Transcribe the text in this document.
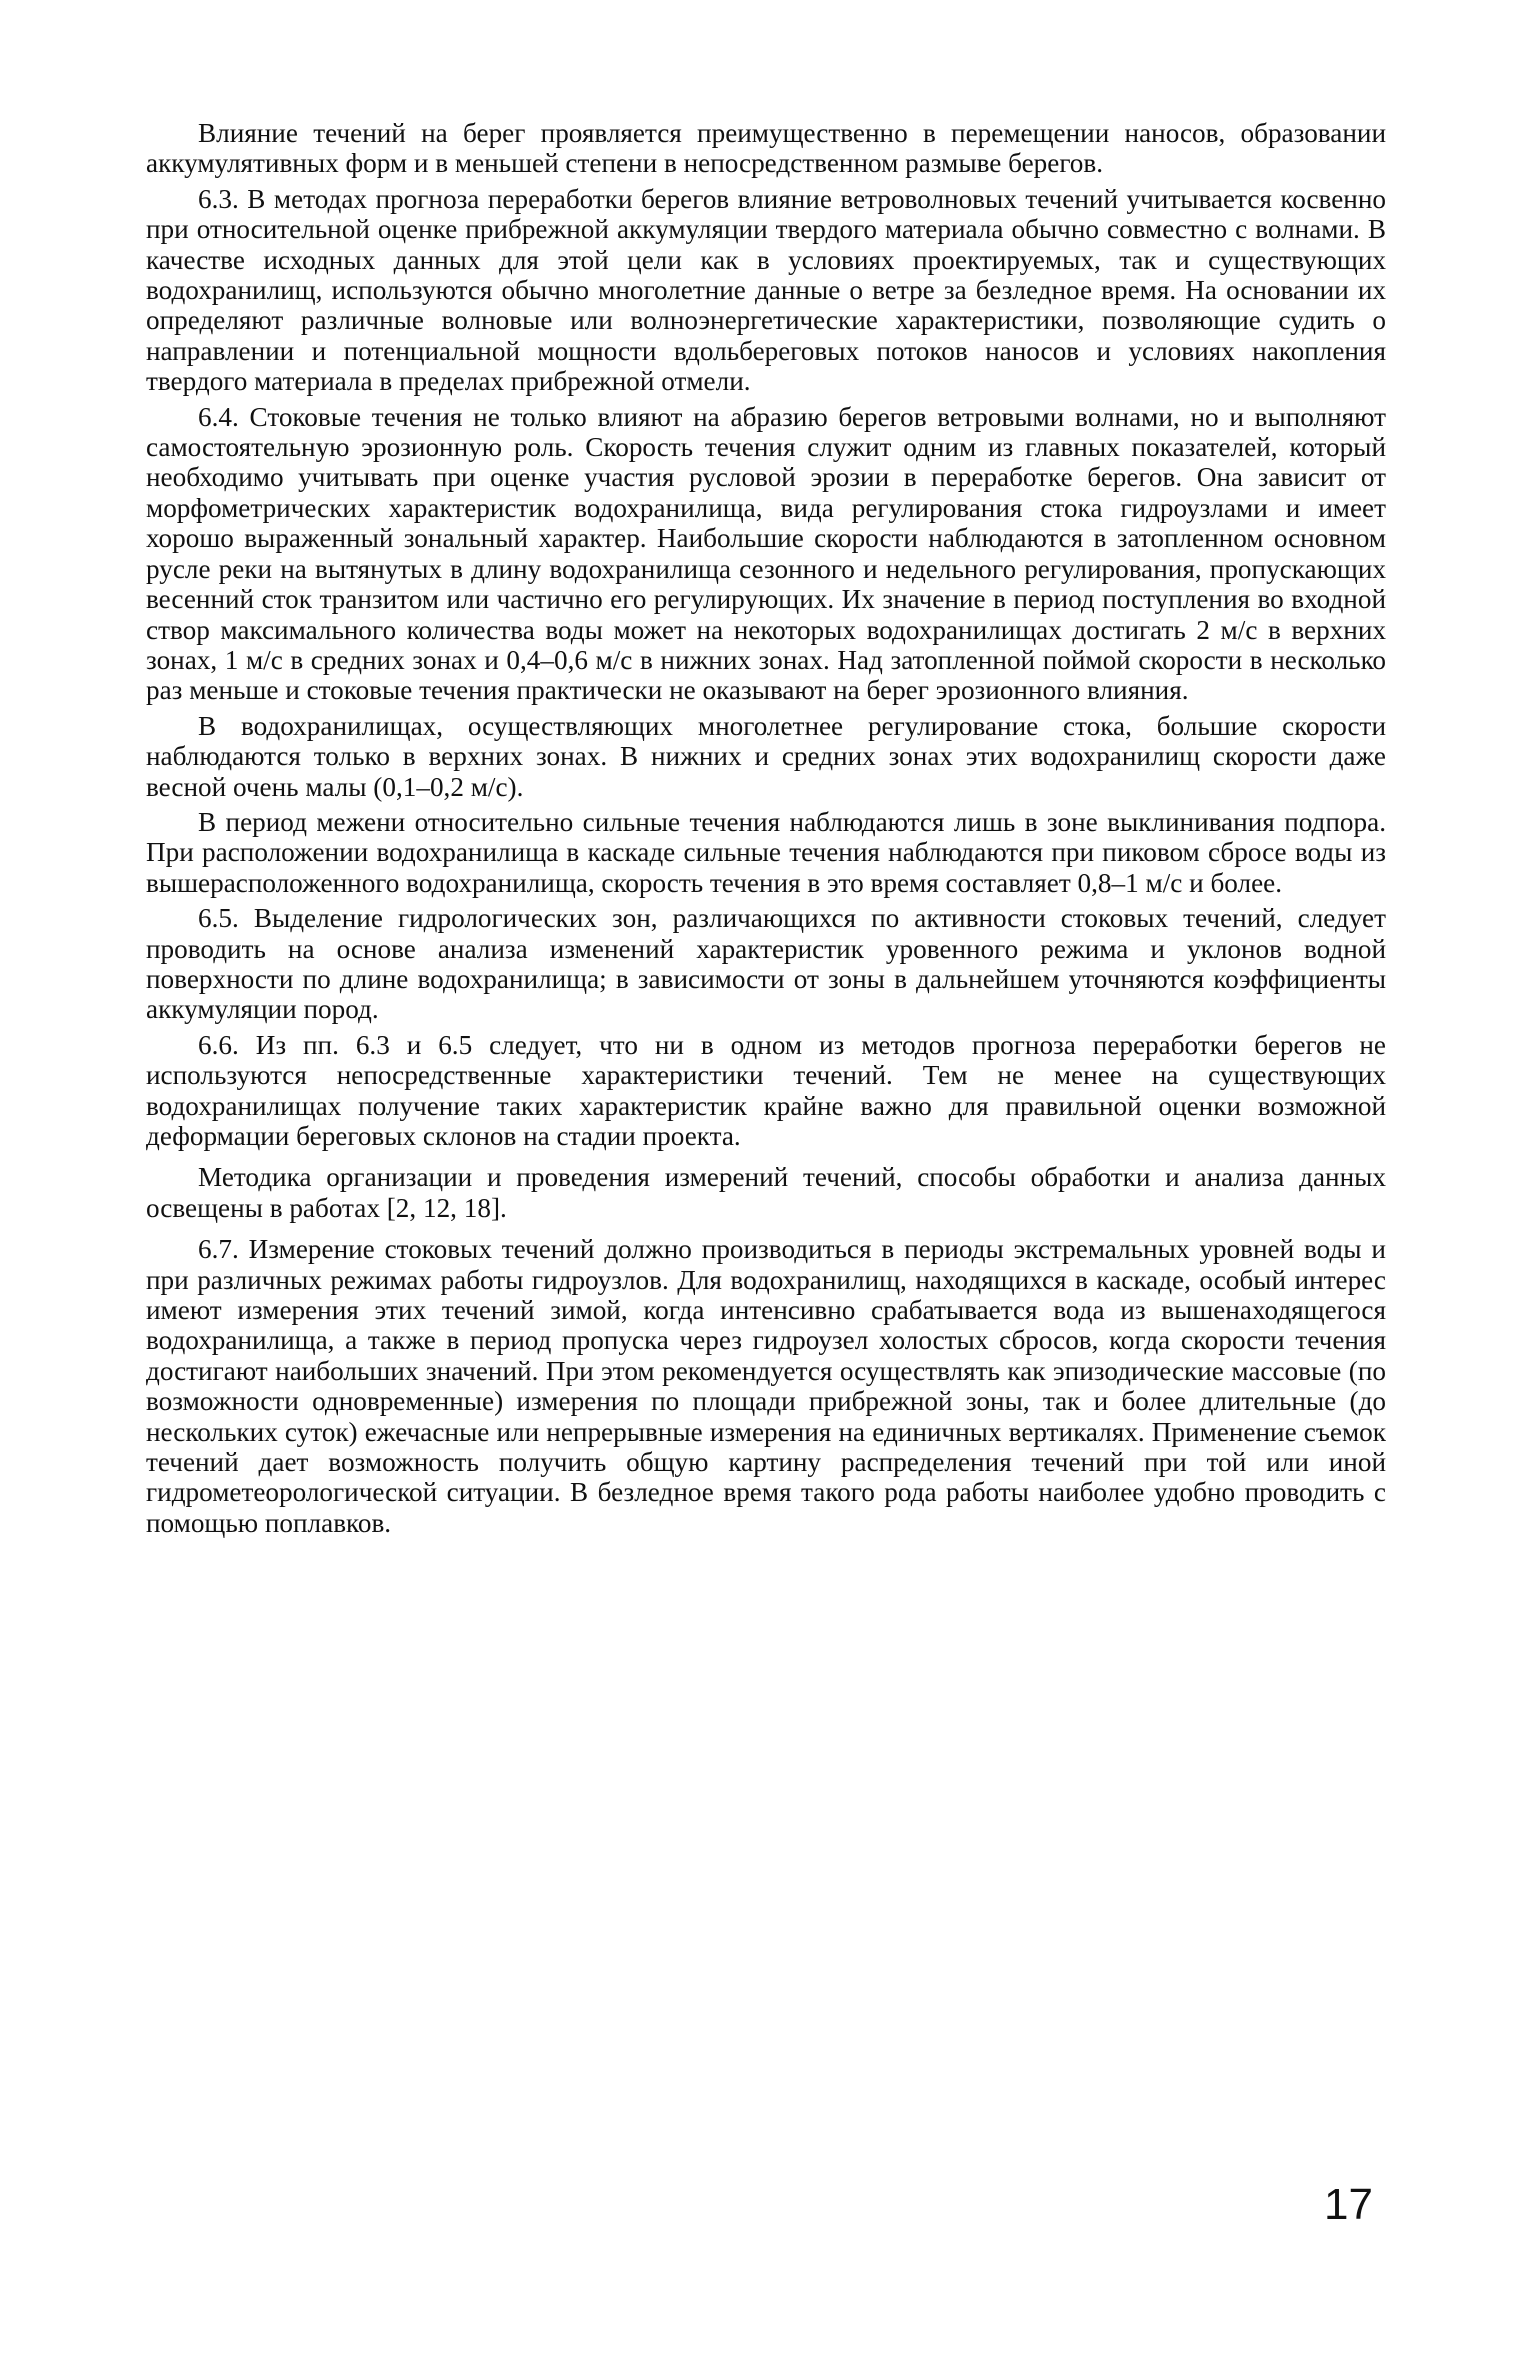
Влияние течений на берег проявляется преимущественно в перемещении наносов, образовании аккумулятивных форм и в меньшей степени в непосредственном размыве берегов.

6.3. В методах прогноза переработки берегов влияние ветроволновых течений учитывается косвенно при относительной оценке прибрежной аккумуляции твердого материала обычно совместно с волнами. В качестве исходных данных для этой цели как в условиях проектируемых, так и существующих водохранилищ, используются обычно многолетние данные о ветре за безледное время. На основании их определяют различные волновые или волноэнергетические характеристики, позволяющие судить о направлении и потенциальной мощности вдольбереговых потоков наносов и условиях накопления твердого материала в пределах прибрежной отмели.

6.4. Стоковые течения не только влияют на абразию берегов ветровыми волнами, но и выполняют самостоятельную эрозионную роль. Скорость течения служит одним из главных показателей, который необходимо учитывать при оценке участия русловой эрозии в переработке берегов. Она зависит от морфометрических характеристик водохранилища, вида регулирования стока гидроузлами и имеет хорошо выраженный зональный характер. Наибольшие скорости наблюдаются в затопленном основном русле реки на вытянутых в длину водохранилища сезонного и недельного регулирования, пропускающих весенний сток транзитом или частично его регулирующих. Их значение в период поступления во входной створ максимального количества воды может на некоторых водохранилищах достигать 2 м/с в верхних зонах, 1 м/с в средних зонах и 0,4–0,6 м/с в нижних зонах. Над затопленной поймой скорости в несколько раз меньше и стоковые течения практически не оказывают на берег эрозионного влияния.

В водохранилищах, осуществляющих многолетнее регулирование стока, большие скорости наблюдаются только в верхних зонах. В нижних и средних зонах этих водохранилищ скорости даже весной очень малы (0,1–0,2 м/с).

В период межени относительно сильные течения наблюдаются лишь в зоне выклинивания подпора. При расположении водохранилища в каскаде сильные течения наблюдаются при пиковом сбросе воды из вышерасположенного водохранилища, скорость течения в это время составляет 0,8–1 м/с и более.

6.5. Выделение гидрологических зон, различающихся по активности стоковых течений, следует проводить на основе анализа изменений характеристик уровенного режима и уклонов водной поверхности по длине водохранилища; в зависимости от зоны в дальнейшем уточняются коэффициенты аккумуляции пород.

6.6. Из пп. 6.3 и 6.5 следует, что ни в одном из методов прогноза переработки берегов не используются непосредственные характеристики течений. Тем не менее на существующих водохранилищах получение таких характеристик крайне важно для правильной оценки возможной деформации береговых склонов на стадии проекта.

Методика организации и проведения измерений течений, способы обработки и анализа данных освещены в работах [2, 12, 18].

6.7. Измерение стоковых течений должно производиться в периоды экстремальных уровней воды и при различных режимах работы гидроузлов. Для водохранилищ, находящихся в каскаде, особый интерес имеют измерения этих течений зимой, когда интенсивно срабатывается вода из вышенаходящегося водохранилища, а также в период пропуска через гидроузел холостых сбросов, когда скорости течения достигают наибольших значений. При этом рекомендуется осуществлять как эпизодические массовые (по возможности одновременные) измерения по площади прибрежной зоны, так и более длительные (до нескольких суток) ежечасные или непрерывные измерения на единичных вертикалях. Применение съемок течений дает возможность получить общую картину распределения течений при той или иной гидрометеорологической ситуации. В безледное время такого рода работы наиболее удобно проводить с помощью поплавков.

17
